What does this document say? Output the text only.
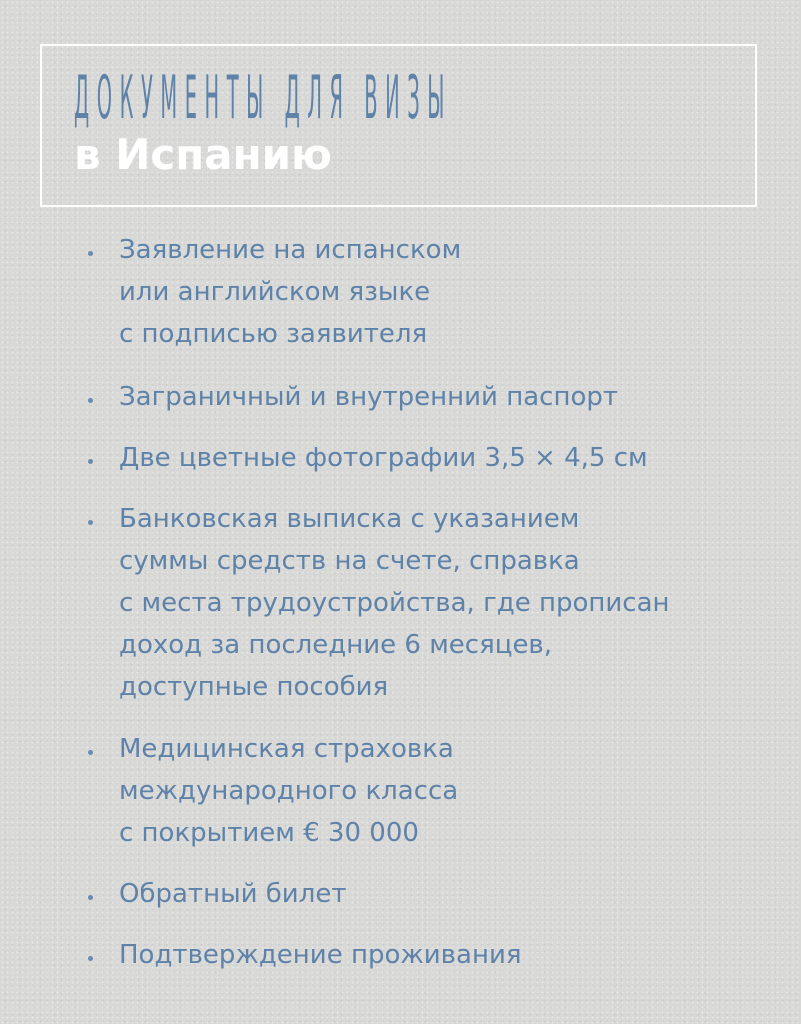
ДОКУМЕНТЫ ДЛЯ ВИЗЫ
в Испанию

Заявление на испанском
или английском языке
с подписью заявителя

Заграничный и внутренний паспорт

Две цветные фотографии 3,5 × 4,5 см

Банковская выписка с указанием
суммы средств на счете, справка
с места трудоустройства, где прописан
доход за последние 6 месяцев,
доступные пособия

Медицинская страховка
международного класса
с покрытием € 30 000

Обратный билет

Подтверждение проживания
